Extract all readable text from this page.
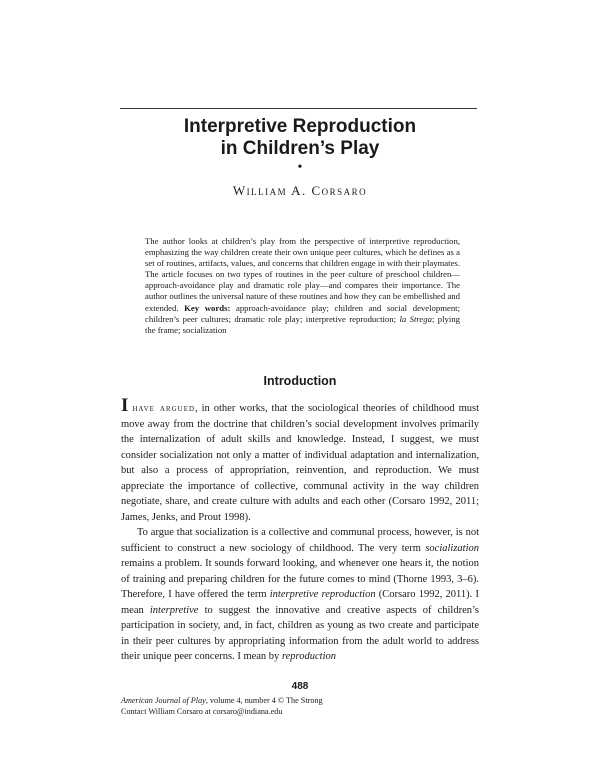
Interpretive Reproduction
in Children’s Play
•
William A. Corsaro

The author looks at children’s play from the perspective of interpretive reproduction, emphasizing the way children create their own unique peer cultures, which he defines as a set of routines, artifacts, values, and concerns that children engage in with their playmates. The article focuses on two types of routines in the peer culture of preschool children—approach-avoidance play and dramatic role play—and compares their importance. The author outlines the universal nature of these routines and how they can be embellished and extended. Key words: approach-avoidance play; children and social development; children’s peer cultures; dramatic role play; interpretive reproduction; la Strega; plying the frame; socialization

Introduction

I have argued, in other works, that the sociological theories of childhood must move away from the doctrine that children’s social development involves primarily the internalization of adult skills and knowledge. Instead, I suggest, we must consider socialization not only a matter of individual adaptation and internalization, but also a process of appropriation, reinvention, and reproduction. We must appreciate the importance of collective, communal activity in the way children negotiate, share, and create culture with adults and each other (Corsaro 1992, 2011; James, Jenks, and Prout 1998).

To argue that socialization is a collective and communal process, however, is not sufficient to construct a new sociology of childhood. The very term socialization remains a problem. It sounds forward looking, and whenever one hears it, the notion of training and preparing children for the future comes to mind (Thorne 1993, 3–6). Therefore, I have offered the term interpretive reproduction (Corsaro 1992, 2011). I mean interpretive to suggest the innovative and creative aspects of children’s participation in society, and, in fact, children as young as two create and participate in their peer cultures by appropriating information from the adult world to address their unique peer concerns. I mean by reproduction

488
American Journal of Play, volume 4, number 4 © The Strong
Contact William Corsaro at corsaro@indiana.edu
